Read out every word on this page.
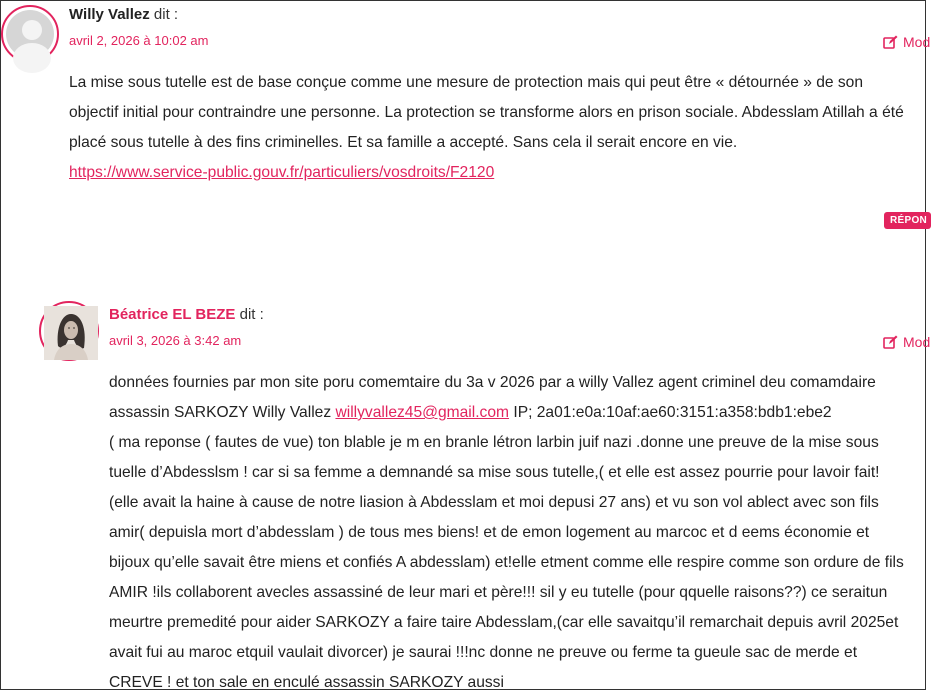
Willy Vallez dit :
avril 2, 2026 à 10:02 am	Mod

La mise sous tutelle est de base conçue comme une mesure de protection mais qui peut être « détournée » de son objectif initial pour contraindre une personne. La protection se transforme alors en prison sociale. Abdesslam Atillah a été placé sous tutelle à des fins criminelles. Et sa famille a accepté. Sans cela il serait encore en vie.

https://www.service-public.gouv.fr/particuliers/vosdroits/F2120

RÉPON
Béatrice EL BEZE dit :
avril 3, 2026 à 3:42 am	Mod

données fournies par mon site poru comemtaire du 3a v 2026 par a willy Vallez agent criminel deu comamdaire
assassin SARKOZY Willy Vallez willyvallez45@gmail.com IP; 2a01:e0a:10af:ae60:3151:a358:bdb1:ebe2

( ma reponse ( fautes de vue) ton blable je m en branle létron larbin juif nazi .donne une preuve de la mise sous tuelle d’Abdesslsm ! car si sa femme a demnandé sa mise sous tutelle,( et elle est assez pourrie pour lavoir fait! (elle avait la haine à cause de notre liasion à Abdesslam et moi depusi 27 ans) et vu son vol ablect avec son fils amir( depuisla mort d’abdesslam ) de tous mes biens! et de emon logement au marcoc et d eems économie et bijoux qu’elle savait être miens et confiés A abdesslam) et!elle etment comme elle respire comme son ordure de fils AMIR !ils collaborent avecles assassiné de leur mari et père!!! sil y eu tutelle (pour qquelle raisons??) ce seraitun meurtre premedité pour aider SARKOZY a faire taire Abdesslam,(car elle savaitqu’il remarchait depuis avril 2025et avait fui au maroc etquil vaulait divorcer) je saurai !!!nc donne ne preuve ou ferme ta gueule sac de merde et CREVE ! et ton sale en enculé assassin SARKOZY aussi
